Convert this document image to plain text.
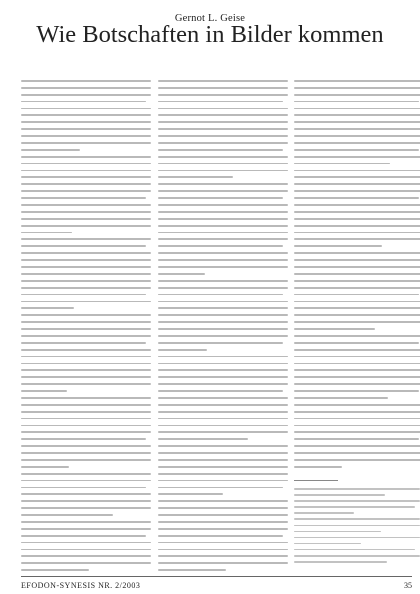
Gernot L. Geise
Wie Botschaften in Bilder kommen
EFODON-SYNESIS NR. 2/2003	35
